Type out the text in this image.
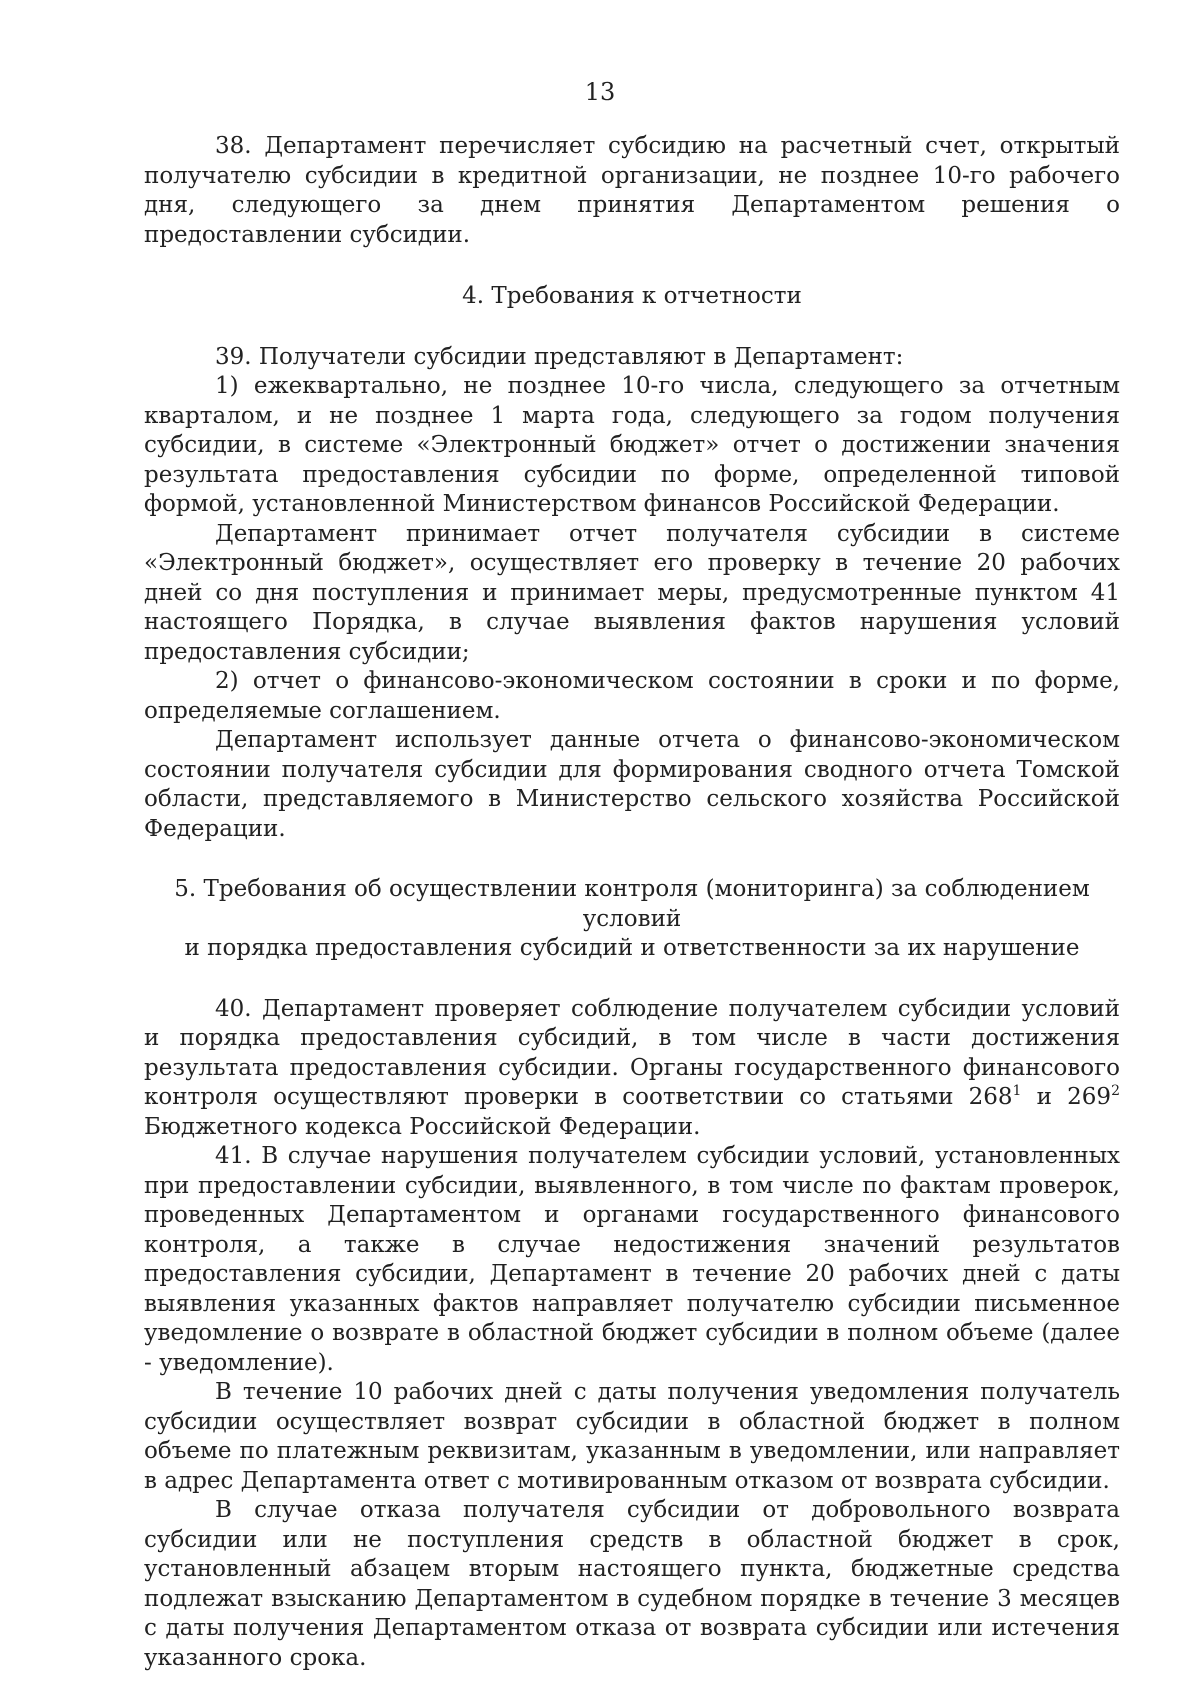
13

38. Департамент перечисляет субсидию на расчетный счет, открытый получателю субсидии в кредитной организации, не позднее 10-го рабочего дня, следующего за днем принятия Департаментом решения о предоставлении субсидии.

4. Требования к отчетности

39. Получатели субсидии представляют в Департамент:

1) ежеквартально, не позднее 10-го числа, следующего за отчетным кварталом, и не позднее 1 марта года, следующего за годом получения субсидии, в системе «Электронный бюджет» отчет о достижении значения результата предоставления субсидии по форме, определенной типовой формой, установленной Министерством финансов Российской Федерации.

Департамент принимает отчет получателя субсидии в системе «Электронный бюджет», осуществляет его проверку в течение 20 рабочих дней со дня поступления и принимает меры, предусмотренные пунктом 41 настоящего Порядка, в случае выявления фактов нарушения условий предоставления субсидии;

2) отчет о финансово-экономическом состоянии в сроки и по форме, определяемые соглашением.

Департамент использует данные отчета о финансово-экономическом состоянии получателя субсидии для формирования сводного отчета Томской области, представляемого в Министерство сельского хозяйства Российской Федерации.

5. Требования об осуществлении контроля (мониторинга) за соблюдением условий
и порядка предоставления субсидий и ответственности за их нарушение

40. Департамент проверяет соблюдение получателем субсидии условий и порядка предоставления субсидий, в том числе в части достижения результата предоставления субсидии. Органы государственного финансового контроля осуществляют проверки в соответствии со статьями $268^1$ и $269^2$ Бюджетного кодекса Российской Федерации.

41. В случае нарушения получателем субсидии условий, установленных при предоставлении субсидии, выявленного, в том числе по фактам проверок, проведенных Департаментом и органами государственного финансового контроля, а также в случае недостижения значений результатов предоставления субсидии, Департамент в течение 20 рабочих дней с даты выявления указанных фактов направляет получателю субсидии письменное уведомление о возврате в областной бюджет субсидии в полном объеме (далее - уведомление).

В течение 10 рабочих дней с даты получения уведомления получатель субсидии осуществляет возврат субсидии в областной бюджет в полном объеме по платежным реквизитам, указанным в уведомлении, или направляет в адрес Департамента ответ с мотивированным отказом от возврата субсидии.

В случае отказа получателя субсидии от добровольного возврата субсидии или не поступления средств в областной бюджет в срок, установленный абзацем вторым настоящего пункта, бюджетные средства подлежат взысканию Департаментом в судебном порядке в течение 3 месяцев с даты получения Департаментом отказа от возврата субсидии или истечения указанного срока.
